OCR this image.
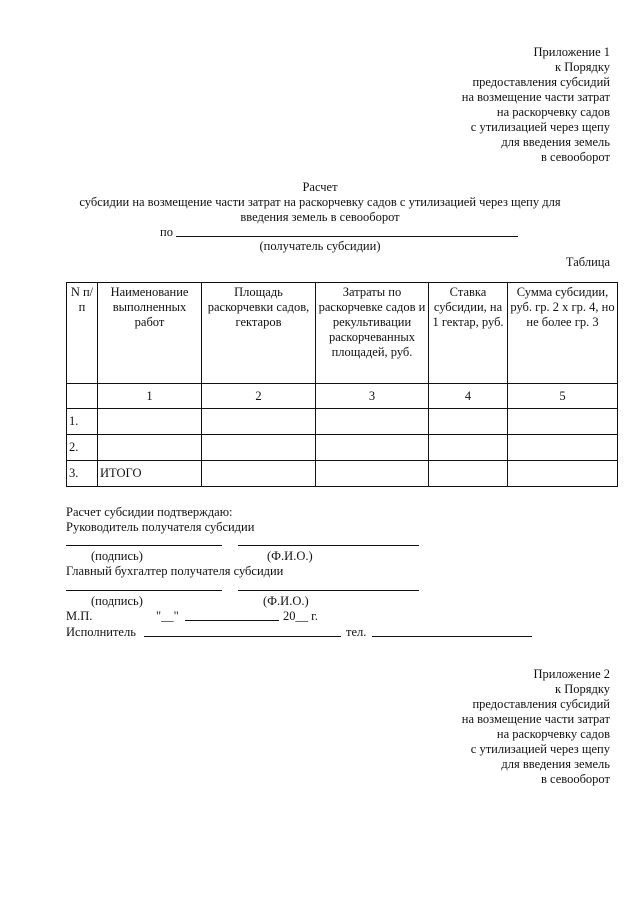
Приложение 1
к Порядку
предоставления субсидий
на возмещение части затрат
на раскорчевку садов
с утилизацией через щепу
для введения земель
в севооборот
Расчет
субсидии на возмещение части затрат на раскорчевку садов с утилизацией через щепу для
введения земель в севооборот
по
(получатель субсидии)
Таблица
N п/п	Наименование выполненных работ	Площадь раскорчевки садов, гектаров	Затраты по раскорчевке садов и рекультивации раскорчеванных площадей, руб.	Ставка субсидии, на 1 гектар, руб.	Сумма субсидии, руб. гр. 2 x гр. 4, но не более гр. 3
	1	2	3	4	5
1.					
2.					
3.	ИТОГО				
Расчет субсидии подтверждаю:
Руководитель получателя субсидии
(подпись)	(Ф.И.О.)
Главный бухгалтер получателя субсидии
(подпись)	(Ф.И.О.)
М.П.	"__"	20__ г.
Исполнитель	тел.
Приложение 2
к Порядку
предоставления субсидий
на возмещение части затрат
на раскорчевку садов
с утилизацией через щепу
для введения земель
в севооборот
